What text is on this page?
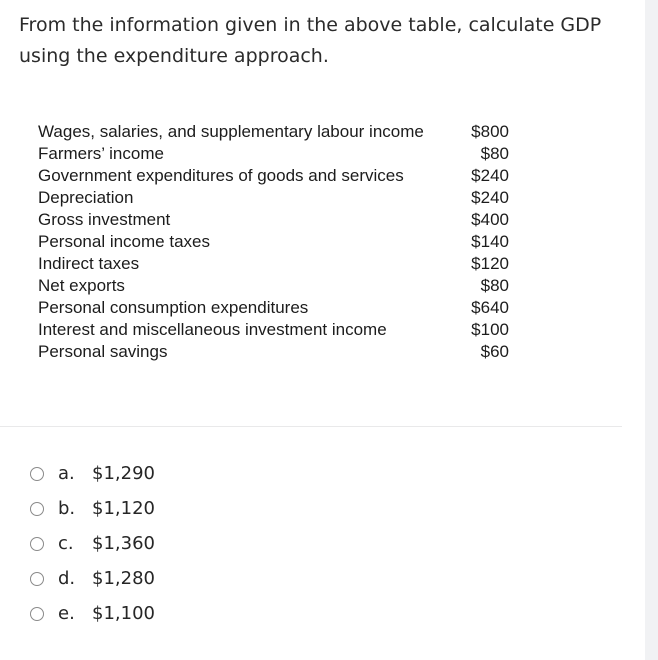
From the information given in the above table, calculate GDP using the expenditure approach.

Wages, salaries, and supplementary labour income	$800
Farmers’ income	$80
Government expenditures of goods and services	$240
Depreciation	$240
Gross investment	$400
Personal income taxes	$140
Indirect taxes	$120
Net exports	$80
Personal consumption expenditures	$640
Interest and miscellaneous investment income	$100
Personal savings	$60
a. $1,290
b. $1,120
c.	$1,360
d. $1,280
e. $1,100
